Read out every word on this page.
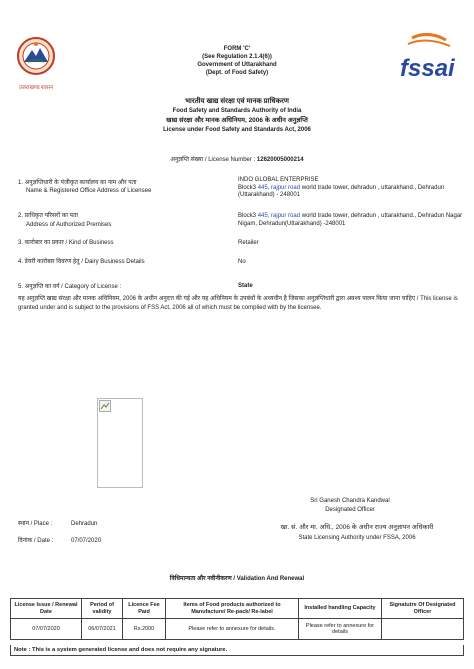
उत्तराखण्ड शासन
fssai
FORM 'C'
(See Regulation 2.1.4(6))
Government of Uttarakhand
(Dept. of Food Safety)
भारतीय खाद्य संरक्षा एवं मानक प्राधिकरण
Food Safety and Standards Authority of India
खाद्य संरक्षा और मानक अधिनियम, 2006 के अधीन अनुज्ञप्ति
License under Food Safety and Standards Act, 2006
अनुज्ञप्ति संख्या / License Number : 12620005000214
1. अनुज्ञप्तिधारी के पंजीकृत कार्यालय का नाम और पता
Name & Registered Office Address of Licensee
INDO GLOBAL ENTERPRISE
Block3 445, rajpur road world trade tower, dehradun , uttarakhand., Dehradun (Uttarakhand) - 248001
2. प्राधिकृत परिसरों का पता
Address of Authorized Premises
Block3 445, rajpur road world trade tower, dehradun , uttarakhand., Dehradun Nagar Nigam, Dehradun(Uttarakhand) -248001
3. कारोबार का प्रकार / Kind of Business	Retailer
4. डेयरी कारोबार विवरण हेतु / Dairy Business Details	No
5. अनुज्ञप्ति का वर्ग / Category of License :	State
यह अनुज्ञप्ति खाद्य संरक्षा और मानक अधिनियम, 2006 के अधीन अनुदत्त की गई और यह अधिनियम के उपबंधों के अध्यधीन है जिसका अनुज्ञप्तिधारी द्वारा अवश्य पालन किया जाना चाहिए / This license is granted under and is subject to the provisions of FSS Act, 2006 all of which must be complied with by the licensee.
Sri Ganesh Chandra Kandwal
Designated Officer
खा. सं. और मा. अधि., 2006 के अधीन राज्य अनुज्ञापन अधिकारी
State Licensing Authority under FSSA, 2006
स्थान / Place :	Dehradun
दिनांक / Date :	07/07/2020
विधिमान्यता और नवीनीकरण / Validation And Renewal
License Issue / Renewal Date	Period of validity	Licence Fee Paid	Items of Food products authorized to Manufacture/ Re-pack/ Re-label	Installed handling Capacity	Signatutre Of Designated Officer
07/07/2020	06/07/2021	Rs.2000	Please refer to annexure for details.	Please refer to annexure for details	
Note : This is a system generated license and does not require any signature.
